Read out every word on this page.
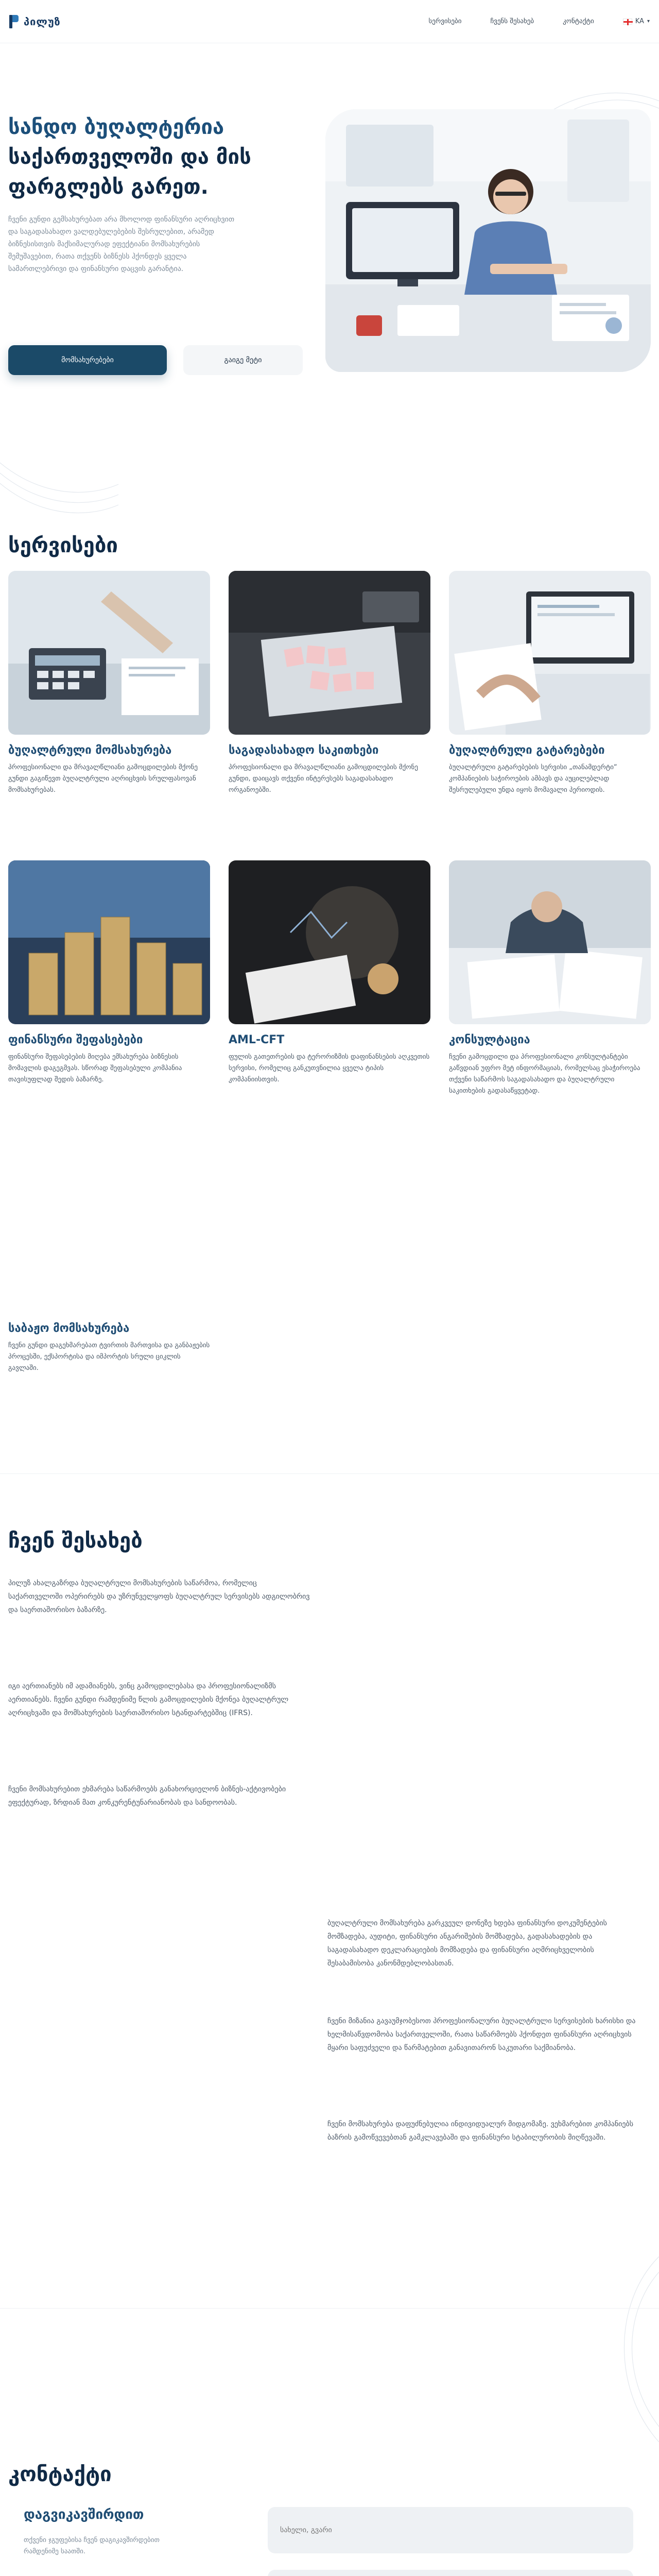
პილუზ	სერვისები	ჩვენს შესახებ	კონტაქტი	KA ▾
სანდო ბუღალტერია
საქართველოში და მის
ფარგლებს გარეთ.

ჩვენი გუნდი გემსახურებათ არა მხოლოდ ფინანსური აღრიცხვით და საგადასახადო ვალდებულებების შესრულებით, არამედ ბიზნესისთვის მაქსიმალურად ეფექტიანი მომსახურების შემუშავებით, რათა თქვენს ბიზნესს ჰქონდეს ყველა სამართლებრივი და ფინანსური დაცვის გარანტია.

მომსახურებები	გაიგე მეტი
სერვისები
ბუღალტრული მომსახურება
პროფესიონალი და მრავალწლიანი გამოცდილების მქონე გუნდი გაგიწევთ ბუღალტრული აღრიცხვის სრულფასოვან მომსახურებას.
საგადასახადო საკითხები
პროფესიონალი და მრავალწლიანი გამოცდილების მქონე გუნდი, დაიცავს თქვენი ინტერესებს საგადასახადო ორგანოებში.
ბუღალტრული გატარებები
ბუღალტრული გატარებების სერვისი „თანამდერტი“ კომპანიების საჭიროების ამბავს და აუცილებლად შესრულებული უნდა იყოს მომავალი პერიოდის.
ფინანსური შეფასებები
ფინანსური შეფასებების მიღება ემსახურება ბიზნესის მომავლის დაგეგმვას. სწორად შეფასებული კომპანია თავისუფლად შედის ბაზარზე.
AML-CFT
ფულის გათეთრების და ტერორიზმის დაფინანსების აღკვეთის სერვისი, რომელიც განკუთვნილია ყველა ტიპის კომპანიისთვის.
კონსულტაცია
ჩვენი გამოცდილი და პროფესიონალი კონსულტანტები გაწვდიან უფრო მეტ ინფორმაციას, რომელსაც ესაჭიროება თქვენი საწარმოს საგადასახადო და ბუღალტრული საკითხების გადასაწყვეტად.
საბაჟო მომსახურება
ჩვენი გუნდი დაგეხმარებათ ტვირთის მართვისა და განბაჟების პროცესში, ექსპორტისა და იმპორტის სრული ციკლის გავლაში.
ჩვენ შესახებ

პილუზ ახალგაზრდა ბუღალტრული მომსახურების საწარმოა, რომელიც საქართველოში ოპერირებს და უზრუნველყოფს ბუღალტრულ სერვისებს ადგილობრივ და საერთაშორისო ბაზარზე.

იგი აერთიანებს იმ ადამიანებს, ვინც გამოცდილებასა და პროფესიონალიზმს აერთიანებს. ჩვენი გუნდი რამდენიმე წლის გამოცდილების მქონეა ბუღალტრულ აღრიცხვაში და მომსახურების საერთაშორისო სტანდარტებშიც (IFRS).

ჩვენი მომსახურებით ეხმარება საწარმოებს განახორციელონ ბიზნეს-აქტივობები ეფექტურად, ზრდიან მათ კონკურენტუნარიანობას და სანდოობას.

ბუღალტრული მომსახურება გარკვეულ დონეზე ხდება ფინანსური დოკუმენტების მომზადება, აუდიტი, ფინანსური ანგარიშების მომზადება, გადასახადების და საგადასახადო დეკლარაციების მომზადება და ფინანსური აღმრიცხველობის შესაბამისობა კანონმდებლობასთან.

ჩვენი მიზანია გავაუმჯობესოთ პროფესიონალური ბუღალტრული სერვისების ხარისხი და ხელმისაწვდომობა საქართველოში, რათა საწარმოებს ჰქონდეთ ფინანსური აღრიცხვის მყარი საფუძველი და წარმატებით განავითარონ საკუთარი საქმიანობა.

ჩვენი მომსახურება დაფუძნებულია ინდივიდუალურ მიდგომაზე. ვეხმარებით კომპანიებს ბაზრის გამოწვევებთან გამკლავებაში და ფინანსური სტაბილურობის მიღწევაში.

კონტაქტი
დაგვიკავშირდით

თქვენი ჯგუფებისა ჩვენ დაგიკავშირდებით რამდენიმე საათში.

სახელი, გვარი
ელ-ფოსტა
